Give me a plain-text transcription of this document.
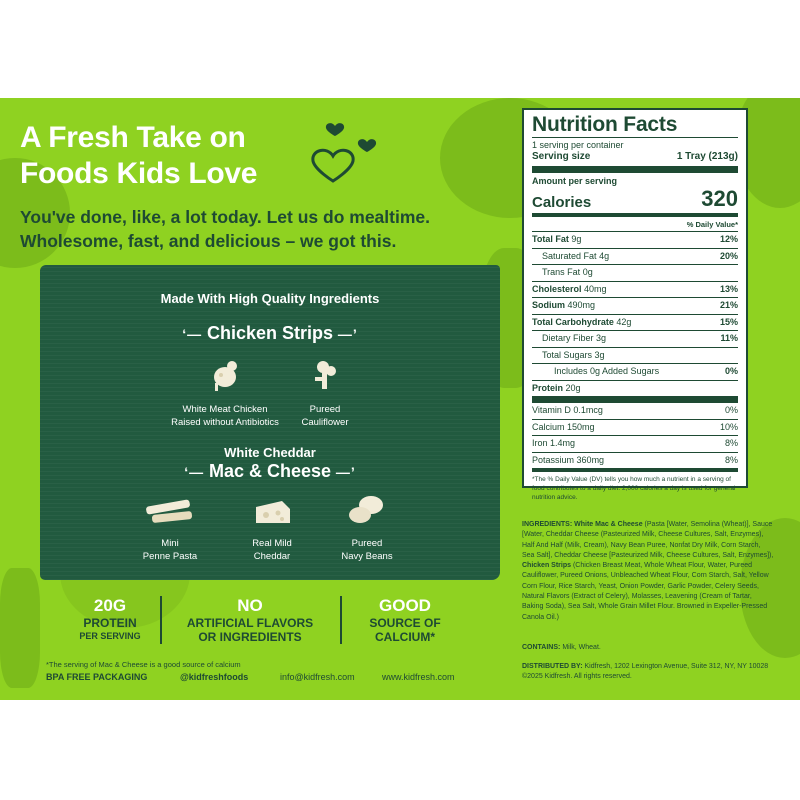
A Fresh Take on
Foods Kids Love
You've done, like, a lot today. Let us do mealtime.
Wholesome, fast, and delicious – we got this.
Made With High Quality Ingredients
‘— Chicken Strips —’
White Meat Chicken
Raised without Antibiotics
Pureed
Cauliflower
White Cheddar
‘— Mac & Cheese —’
Mini
Penne Pasta
Real Mild
Cheddar
Pureed
Navy Beans
20G
PROTEIN
PER SERVING
NO
ARTIFICIAL FLAVORS
OR INGREDIENTS
GOOD
SOURCE OF
CALCIUM*
*The serving of Mac & Cheese is a good source of calcium
BPA FREE PACKAGING	@kidfreshfoods	info@kidfresh.com	www.kidfresh.com
Nutrition Facts
1 serving per container
Serving size	1 Tray (213g)
Amount per serving
Calories	320
% Daily Value*
Total Fat 9g	12%
Saturated Fat 4g	20%
Trans Fat 0g
Cholesterol 40mg	13%
Sodium 490mg	21%
Total Carbohydrate 42g	15%
Dietary Fiber 3g	11%
Total Sugars 3g
Includes 0g Added Sugars	0%
Protein 20g
Vitamin D 0.1mcg	0%
Calcium 150mg	10%
Iron 1.4mg	8%
Potassium 360mg	8%
*The % Daily Value (DV) tells you how much a nutrient in a serving of food contributes to a daily diet. 2,000 calories a day is used for general nutrition advice.
INGREDIENTS: White Mac & Cheese (Pasta [Water, Semolina (Wheat)], Sauce [Water, Cheddar Cheese (Pasteurized Milk, Cheese Cultures, Salt, Enzymes), Half And Half (Milk, Cream), Navy Bean Puree, Nonfat Dry Milk, Corn Starch, Sea Salt], Cheddar Cheese [Pasteurized Milk, Cheese Cultures, Salt, Enzymes]), Chicken Strips (Chicken Breast Meat, Whole Wheat Flour, Water, Pureed Cauliflower, Pureed Onions, Unbleached Wheat Flour, Corn Starch, Salt, Yellow Corn Flour, Rice Starch, Yeast, Onion Powder, Garlic Powder, Celery Seeds, Natural Flavors (Extract of Celery), Molasses, Leavening (Cream of Tartar, Baking Soda), Sea Salt, Whole Grain Millet Flour. Browned in Expeller-Pressed Canola Oil.)
CONTAINS: Milk, Wheat.
DISTRIBUTED BY: Kidfresh, 1202 Lexington Avenue, Suite 312, NY, NY 10028 ©2025 Kidfresh. All rights reserved.
